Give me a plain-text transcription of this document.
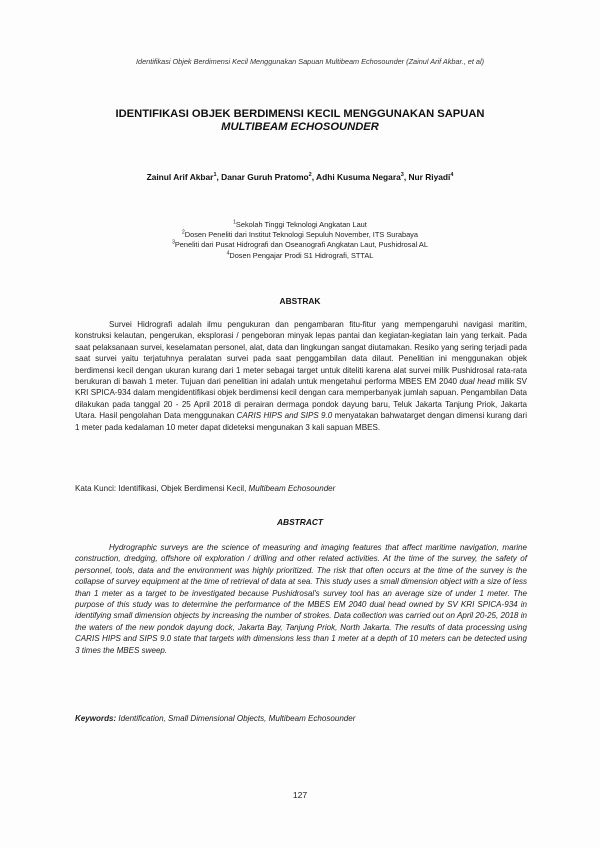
Identifikasi Objek Berdimensi Kecil Menggunakan Sapuan Multibeam Echosounder (Zainul Arif Akbar., et al)
IDENTIFIKASI OBJEK BERDIMENSI KECIL MENGGUNAKAN SAPUAN
MULTIBEAM ECHOSOUNDER
Zainul Arif Akbar$^1$, Danar Guruh Pratomo$^2$, Adhi Kusuma Negara$^3$, Nur Riyadi$^4$
$^1$Sekolah Tinggi Teknologi Angkatan Laut
$^2$Dosen Peneliti dari Institut Teknologi Sepuluh November, ITS Surabaya
$^3$Peneliti dari Pusat Hidrografi dan Oseanografi Angkatan Laut, Pushidrosal AL
$^4$Dosen Pengajar Prodi S1 Hidrografi, STTAL
ABSTRAK

Survei Hidrografi adalah ilmu pengukuran dan pengambaran fitu-fitur yang mempengaruhi navigasi maritim, konstruksi kelautan, pengerukan, eksplorasi / pengeboran minyak lepas pantai dan kegiatan-kegiatan lain yang terkait. Pada saat pelaksanaan survei, keselamatan personel, alat, data dan lingkungan sangat diutamakan. Resiko yang sering terjadi pada saat survei yaitu terjatuhnya peralatan survei pada saat penggambilan data dilaut. Penelitian ini menggunakan objek berdimensi kecil dengan ukuran kurang dari 1 meter sebagai target untuk diteliti karena alat survei milik Pushidrosal rata-rata berukuran di bawah 1 meter. Tujuan dari penelitian ini adalah untuk mengetahui performa MBES EM 2040 dual head milik SV KRI SPICA-934 dalam mengidentifikasi objek berdimensi kecil dengan cara memperbanyak jumlah sapuan. Pengambilan Data dilakukan pada tanggal 20 - 25 April 2018 di perairan dermaga pondok dayung baru, Teluk Jakarta Tanjung Priok, Jakarta Utara. Hasil pengolahan Data menggunakan CARIS HIPS and SIPS 9.0 menyatakan bahwatarget dengan dimensi kurang dari 1 meter pada kedalaman 10 meter dapat dideteksi mengunakan 3 kali sapuan MBES.

Kata Kunci: Identifikasi, Objek Berdimensi Kecil, Multibeam Echosounder
ABSTRACT

Hydrographic surveys are the science of measuring and imaging features that affect maritime navigation, marine construction, dredging, offshore oil exploration / drilling and other related activities. At the time of the survey, the safety of personnel, tools, data and the environment was highly prioritized. The risk that often occurs at the time of the survey is the collapse of survey equipment at the time of retrieval of data at sea. This study uses a small dimension object with a size of less than 1 meter as a target to be investigated because Pushidrosal's survey tool has an average size of under 1 meter. The purpose of this study was to determine the performance of the MBES EM 2040 dual head owned by SV KRI SPICA-934 in identifying small dimension objects by increasing the number of strokes. Data collection was carried out on April 20-25, 2018 in the waters of the new pondok dayung dock, Jakarta Bay, Tanjung Priok, North Jakarta. The results of data processing using CARIS HIPS and SIPS 9.0 state that targets with dimensions less than 1 meter at a depth of 10 meters can be detected using 3 times the MBES sweep.

Keywords: Identification, Small Dimensional Objects, Multibeam Echosounder
127
